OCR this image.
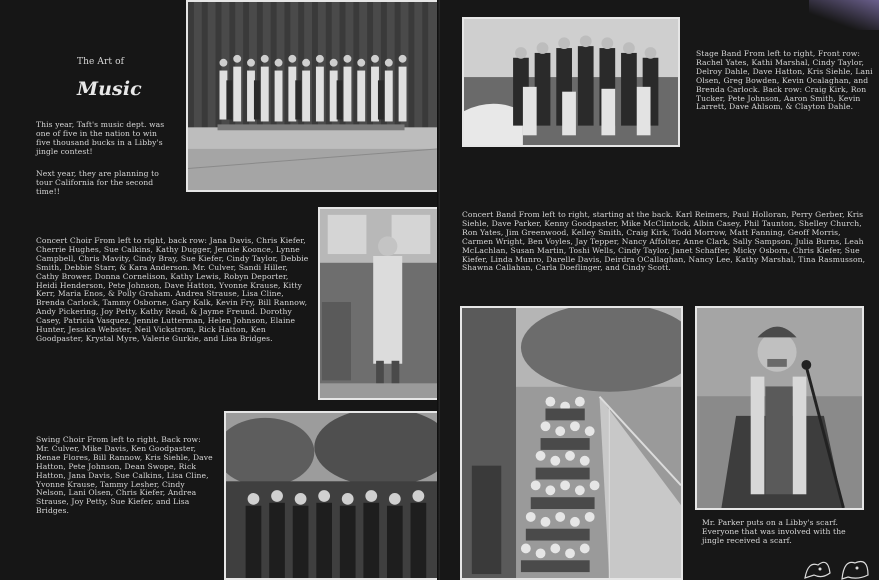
The Art of
Music
This year, Taft's music dept. was one of five in the nation to win five thousand bucks in a Libby's jingle contest!
Next year, they are planning to tour California for the second time!!
Concert Choir From left to right, back row: Jana Davis, Chris Kiefer, Cherrie Hughes, Sue Calkins, Kathy Dugger, Jennie Koonce, Lynne Campbell, Chris Mavity, Cindy Bray, Sue Kiefer, Cindy Taylor, Debbie Smith, Debbie Starr, & Kara Anderson. Mr. Culver, Sandi Hiller, Cathy Brower, Donna Cornelison, Kathy Lewis, Robyn Deporter, Heidi Henderson, Pete Johnson, Dave Hatton, Yvonne Krause, Kitty Kerr, Maria Enos, & Polly Graham. Andrea Strause, Lisa Cline, Brenda Carlock, Tammy Osborne, Gary Kalk, Kevin Fry, Bill Rannow, Andy Pickering, Joy Petty, Kathy Read, & Jayme Freund. Dorothy Casey, Patricia Vasquez, Jennie Lutterman, Helen Johnson, Elaine Hunter, Jessica Webster, Neil Vickstrom, Rick Hatton, Ken Goodpaster, Krystal Myre, Valerie Gurkie, and Lisa Bridges.
Swing Choir From left to right, Back row: Mr. Culver, Mike Davis, Ken Goodpaster, Renae Flores, Bill Rannow, Kris Siehle, Dave Hatton, Pete Johnson, Dean Swope, Rick Hatton, Jana Davis, Sue Calkins, Lisa Cline, Yvonne Krause, Tammy Lesher, Cindy Nelson, Lani Olsen, Chris Kiefer, Andrea Strause, Joy Petty, Sue Kiefer, and Lisa Bridges.
Stage Band From left to right, Front row: Rachel Yates, Kathi Marshal, Cindy Taylor, Delroy Dahle, Dave Hatton, Kris Siehle, Lani Olsen, Greg Bowden, Kevin Ocalaghan, and Brenda Carlock. Back row: Craig Kirk, Ron Tucker, Pete Johnson, Aaron Smith, Kevin Larrett, Dave Ahlsom, & Clayton Dahle.
Concert Band From left to right, starting at the back. Karl Reimers, Paul Holloran, Perry Gerber, Kris Siehle, Dave Parker, Kenny Goodpaster, Mike McClintock, Albin Casey, Phil Taunton, Shelley Church, Ron Yates, Jim Greenwood, Kelley Smith, Craig Kirk, Todd Morrow, Matt Fanning, Geoff Morris, Carmen Wright, Ben Voyles, Jay Tepper, Nancy Affolter, Anne Clark, Sally Sampson, Julia Burns, Leah McLachlan, Susan Martin, Toshi Wells, Cindy Taylor, Janet Schaffer, Micky Osborn, Chris Kiefer, Sue Kiefer, Linda Munro, Darelle Davis, Deirdra OCallaghan, Nancy Lee, Kathy Marshal, Tina Rasmusson, Shawna Callahan, Carla Doeflinger, and Cindy Scott.
Mr. Parker puts on a Libby's scarf. Everyone that was involved with the jingle received a scarf.
